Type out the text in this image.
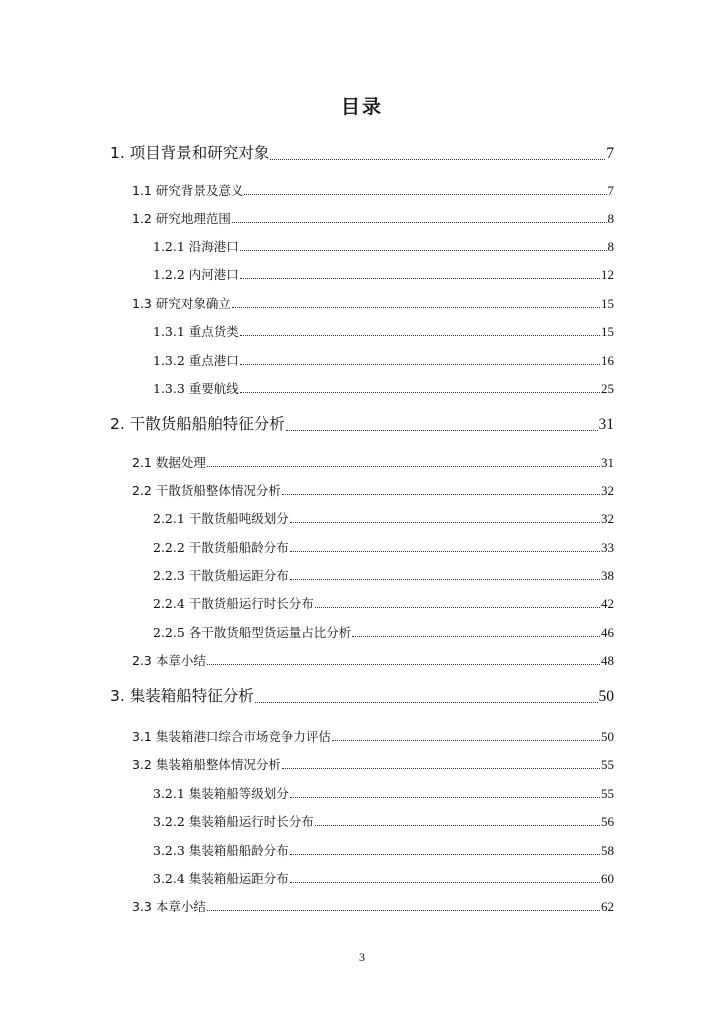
目录
1. 项目背景和研究对象	7
1.1 研究背景及意义	7
1.2 研究地理范围	8
1.2.1 沿海港口	8
1.2.2 内河港口	12
1.3 研究对象确立	15
1.3.1 重点货类	15
1.3.2 重点港口	16
1.3.3 重要航线	25
2. 干散货船船舶特征分析	31
2.1 数据处理	31
2.2 干散货船整体情况分析	32
2.2.1 干散货船吨级划分	32
2.2.2 干散货船船龄分布	33
2.2.3 干散货船运距分布	38
2.2.4 干散货船运行时长分布	42
2.2.5 各干散货船型货运量占比分析	46
2.3 本章小结	48
3. 集装箱船特征分析	50
3.1 集装箱港口综合市场竞争力评估	50
3.2 集装箱船整体情况分析	55
3.2.1 集装箱船等级划分	55
3.2.2 集装箱船运行时长分布	56
3.2.3 集装箱船船龄分布	58
3.2.4 集装箱船运距分布	60
3.3 本章小结	62
3
